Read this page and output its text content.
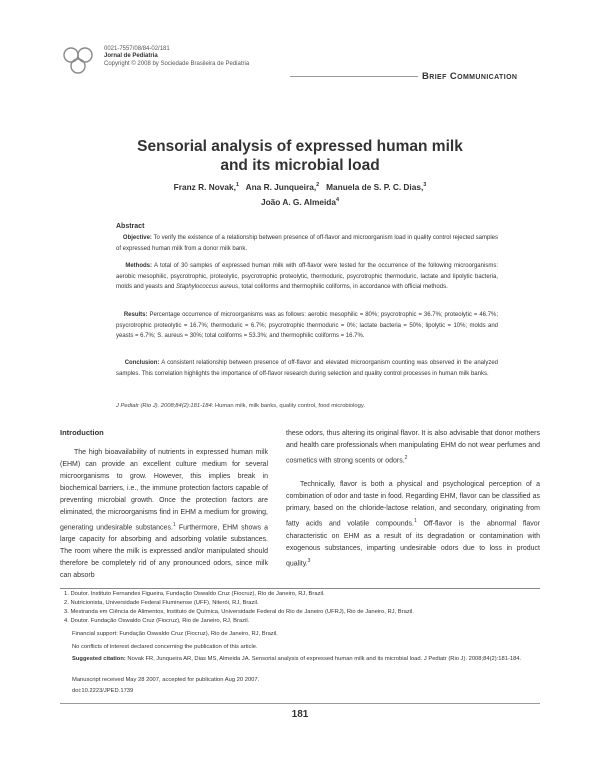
0021-7557/08/84-02/181
Jornal de Pediatria
Copyright © 2008 by Sociedade Brasileira de Pediatria
Brief Communication
Sensorial analysis of expressed human milk
and its microbial load
Franz R. Novak,$^1$ Ana R. Junqueira,$^2$ Manuela de S. P. C. Dias,$^3$
João A. G. Almeida$^4$
Abstract
Objective: To verify the existence of a relationship between presence of off-flavor and microorganism load in quality control rejected samples of expressed human milk from a donor milk bank.
Methods: A total of 30 samples of expressed human milk with off-flavor were tested for the occurrence of the following microorganisms: aerobic mesophilic, psycrotrophic, proteolytic, psycrotrophic proteolytic, thermoduric, psycrotrophic thermoduric, lactate and lipolytic bacteria, molds and yeasts and Staphylococcus aureus, total coliforms and thermophilic coliforms, in accordance with official methods.
Results: Percentage occurrence of microorganisms was as follows: aerobic mesophilic = 80%; psycrotrophic = 36.7%; proteolytic = 46.7%; psycrotrophic proteolytic = 16.7%; thermoduric = 6.7%; psycrotrophic thermoduric = 0%; lactate bacteria = 50%; lipolytic = 10%; molds and yeasts = 6.7%; S. aureus = 30%; total coliforms = 53.3%; and thermophilic coliforms = 16.7%.
Conclusion: A consistent relationship between presence of off-flavor and elevated microorganism counting was observed in the analyzed samples. This correlation highlights the importance of off-flavor research during selection and quality control processes in human milk banks.
J Pediatr (Rio J). 2008;84(2):181-184: Human milk, milk banks, quality control, food microbiology.
Introduction

The high bioavailability of nutrients in expressed human milk (EHM) can provide an excellent culture medium for several microorganisms to grow. However, this implies break in biochemical barriers, i.e., the immune protection factors capable of preventing microbial growth. Once the protection factors are eliminated, the microorganisms find in EHM a medium for growing, generating undesirable substances.$^1$ Furthermore, EHM shows a large capacity for absorbing and adsorbing volatile substances. The room where the milk is expressed and/or manipulated should therefore be completely rid of any pronounced odors, since milk can absorb

these odors, thus altering its original flavor. It is also advisable that donor mothers and health care professionals when manipulating EHM do not wear perfumes and cosmetics with strong scents or odors.$^2$

Technically, flavor is both a physical and psychological perception of a combination of odor and taste in food. Regarding EHM, flavor can be classified as primary, based on the chloride-lactose relation, and secondary, originating from fatty acids and volatile compounds.$^1$ Off-flavor is the abnormal flavor characteristic on EHM as a result of its degradation or contamination with exogenous substances, imparting undesirable odors due to loss in product quality.$^3$

1. Doutor. Instituto Fernandes Figueira, Fundação Oswaldo Cruz (Fiocruz), Rio de Janeiro, RJ, Brazil.
2. Nutricionista, Universidade Federal Fluminense (UFF), Niterói, RJ, Brazil.
3. Mestranda em Ciência de Alimentos, Instituto de Química, Universidade Federal do Rio de Janeiro (UFRJ), Rio de Janeiro, RJ, Brazil.
4. Doutor. Fundação Oswaldo Cruz (Fiocruz), Rio de Janeiro, RJ, Brazil.
Financial support: Fundação Oswaldo Cruz (Fiocruz), Rio de Janeiro, RJ, Brazil.
No conflicts of interest declared concerning the publication of this article.
Suggested citation: Novak FR, Junqueira AR, Dias MS, Almeida JA. Sensorial analysis of expressed human milk and its microbial load. J Pediatr (Rio J). 2008;84(2):181-184.
Manuscript received May 28 2007, accepted for publication Aug 20 2007.
doi:10.2223/JPED.1739
181
